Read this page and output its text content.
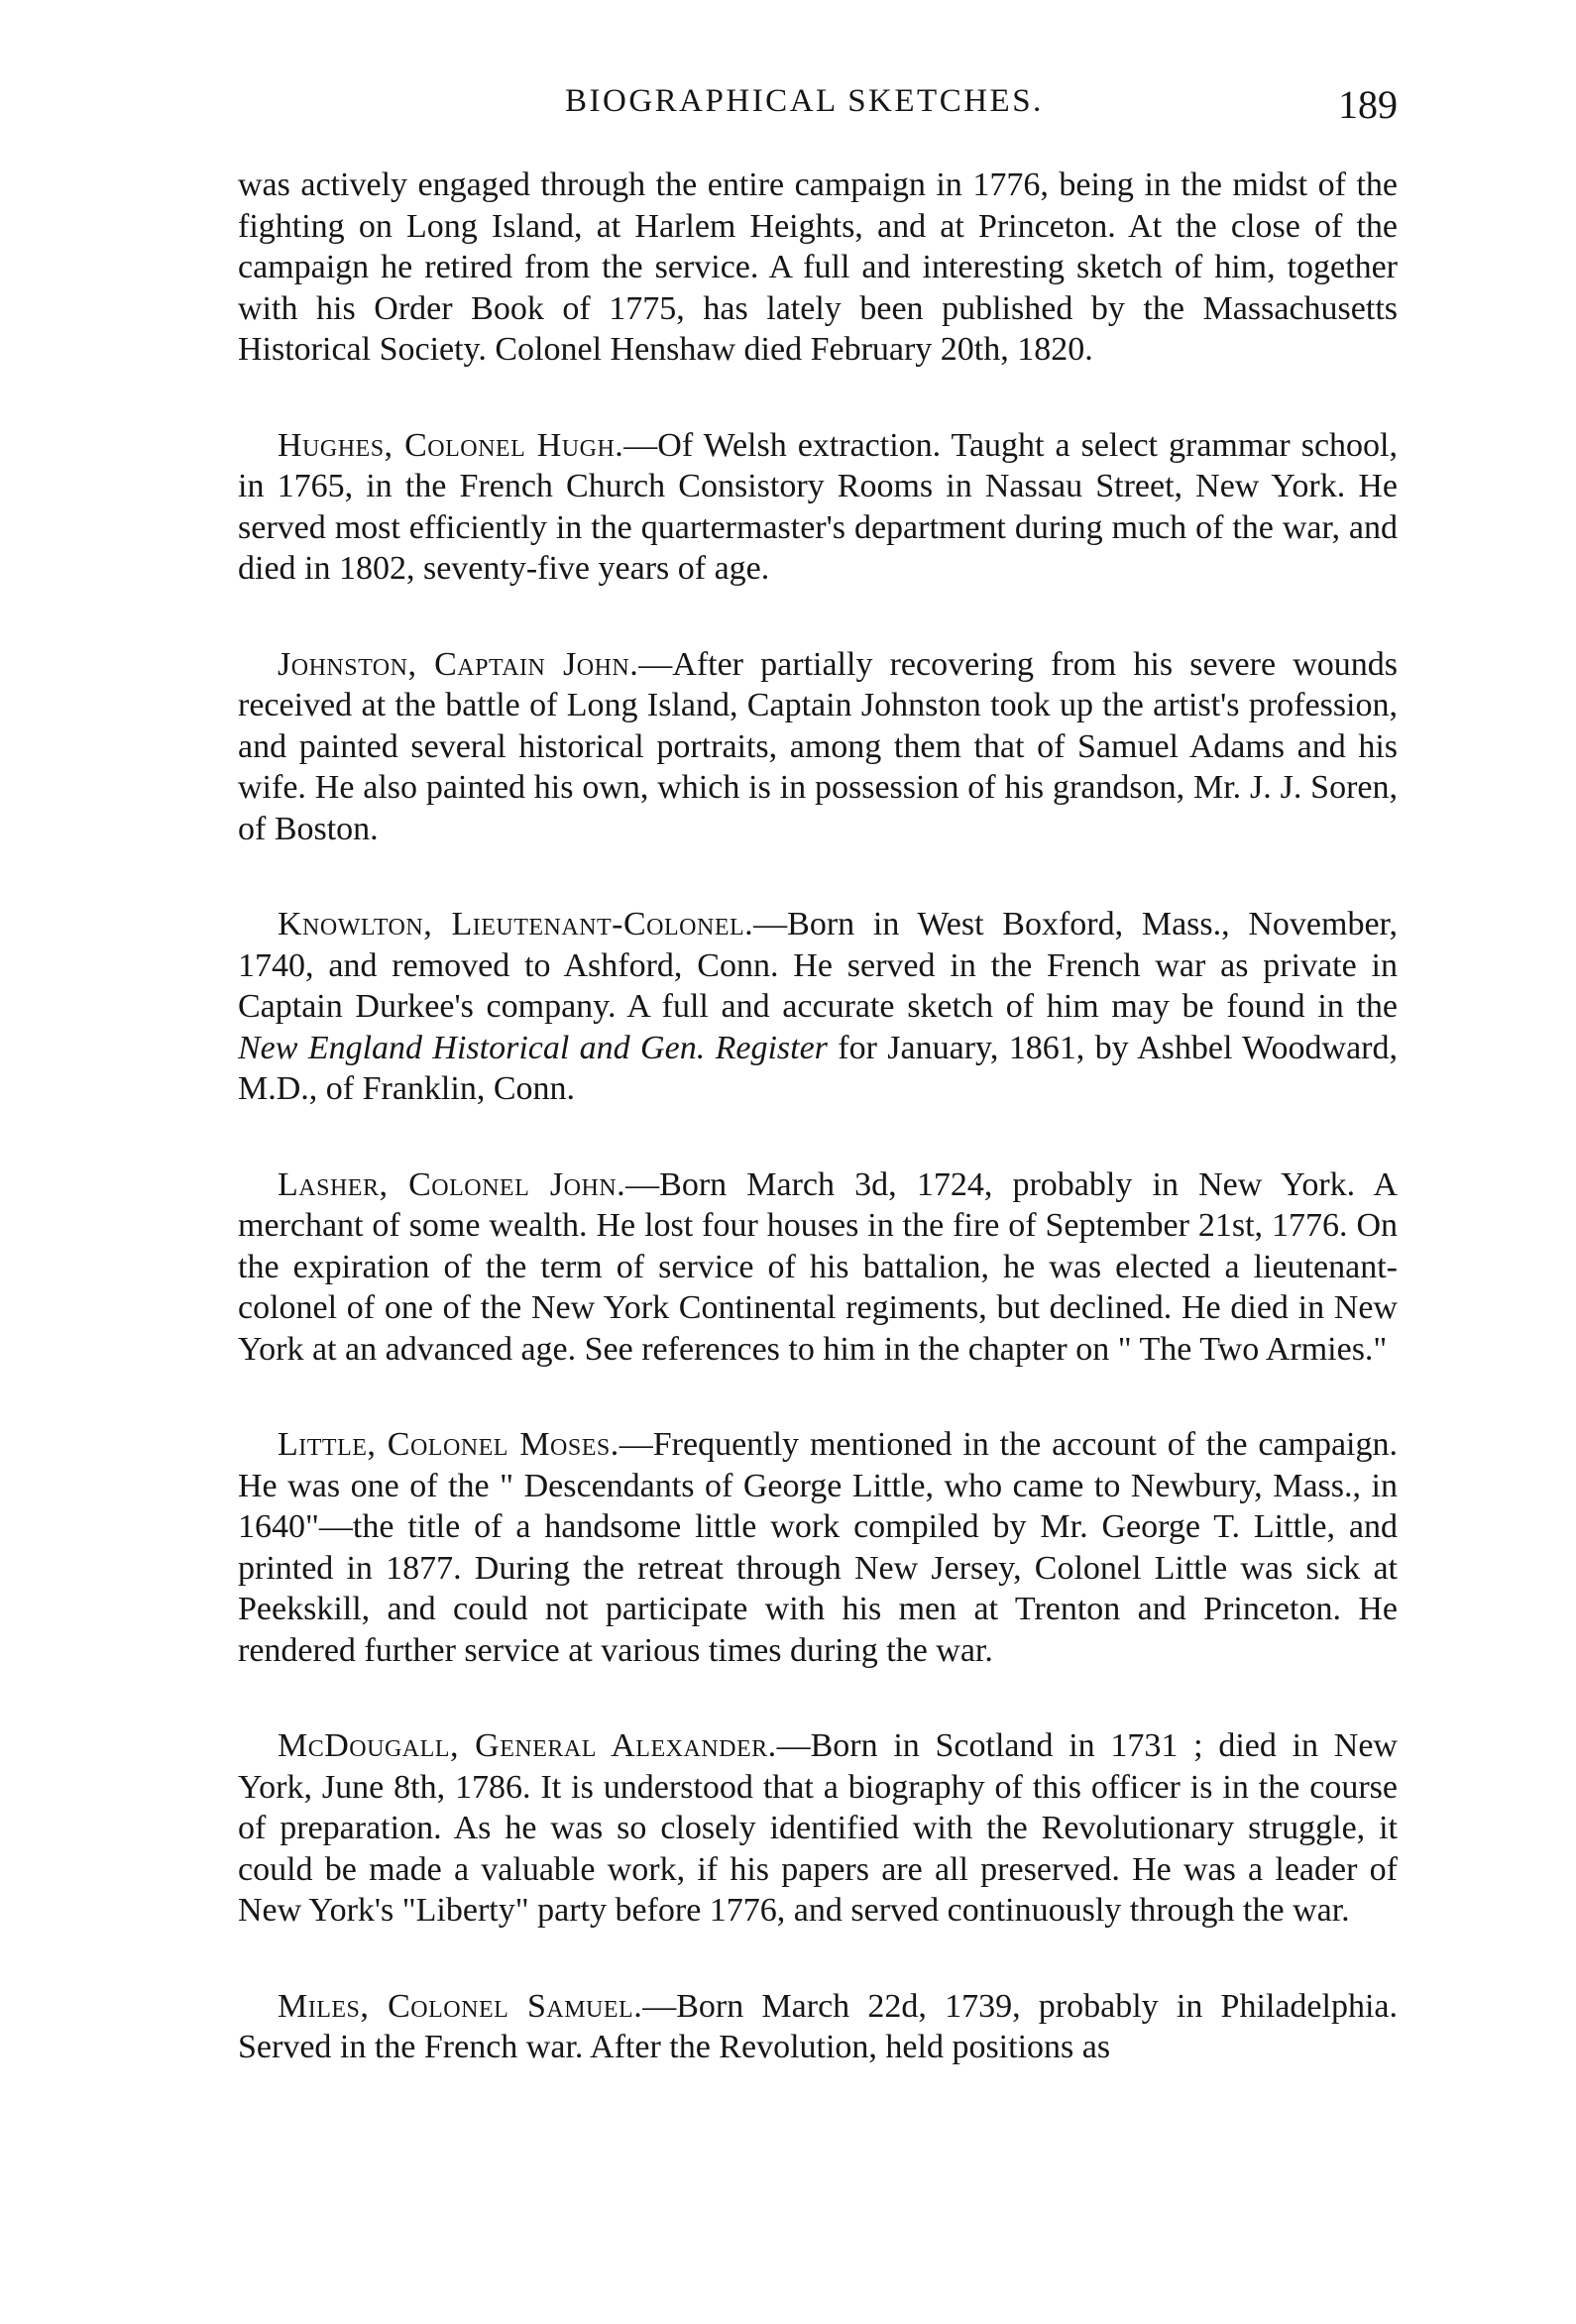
BIOGRAPHICAL SKETCHES.	189

was actively engaged through the entire campaign in 1776, being in the midst of the fighting on Long Island, at Harlem Heights, and at Princeton. At the close of the campaign he retired from the service. A full and interesting sketch of him, together with his Order Book of 1775, has lately been published by the Massachusetts Historical Society. Colonel Henshaw died February 20th, 1820.

Hughes, Colonel Hugh.—Of Welsh extraction. Taught a select grammar school, in 1765, in the French Church Consistory Rooms in Nassau Street, New York. He served most efficiently in the quartermaster's department during much of the war, and died in 1802, seventy-five years of age.

Johnston, Captain John.—After partially recovering from his severe wounds received at the battle of Long Island, Captain Johnston took up the artist's profession, and painted several historical portraits, among them that of Samuel Adams and his wife. He also painted his own, which is in possession of his grandson, Mr. J. J. Soren, of Boston.

Knowlton, Lieutenant-Colonel.—Born in West Boxford, Mass., November, 1740, and removed to Ashford, Conn. He served in the French war as private in Captain Durkee's company. A full and accurate sketch of him may be found in the New England Historical and Gen. Register for January, 1861, by Ashbel Woodward, M.D., of Franklin, Conn.

Lasher, Colonel John.—Born March 3d, 1724, probably in New York. A merchant of some wealth. He lost four houses in the fire of September 21st, 1776. On the expiration of the term of service of his battalion, he was elected a lieutenant-colonel of one of the New York Continental regiments, but declined. He died in New York at an advanced age. See references to him in the chapter on " The Two Armies."

Little, Colonel Moses.—Frequently mentioned in the account of the campaign. He was one of the " Descendants of George Little, who came to Newbury, Mass., in 1640"—the title of a handsome little work compiled by Mr. George T. Little, and printed in 1877. During the retreat through New Jersey, Colonel Little was sick at Peekskill, and could not participate with his men at Trenton and Princeton. He rendered further service at various times during the war.

McDougall, General Alexander.—Born in Scotland in 1731 ; died in New York, June 8th, 1786. It is understood that a biography of this officer is in the course of preparation. As he was so closely identified with the Revolutionary struggle, it could be made a valuable work, if his papers are all preserved. He was a leader of New York's "Liberty" party before 1776, and served continuously through the war.

Miles, Colonel Samuel.—Born March 22d, 1739, probably in Philadelphia. Served in the French war. After the Revolution, held positions as
